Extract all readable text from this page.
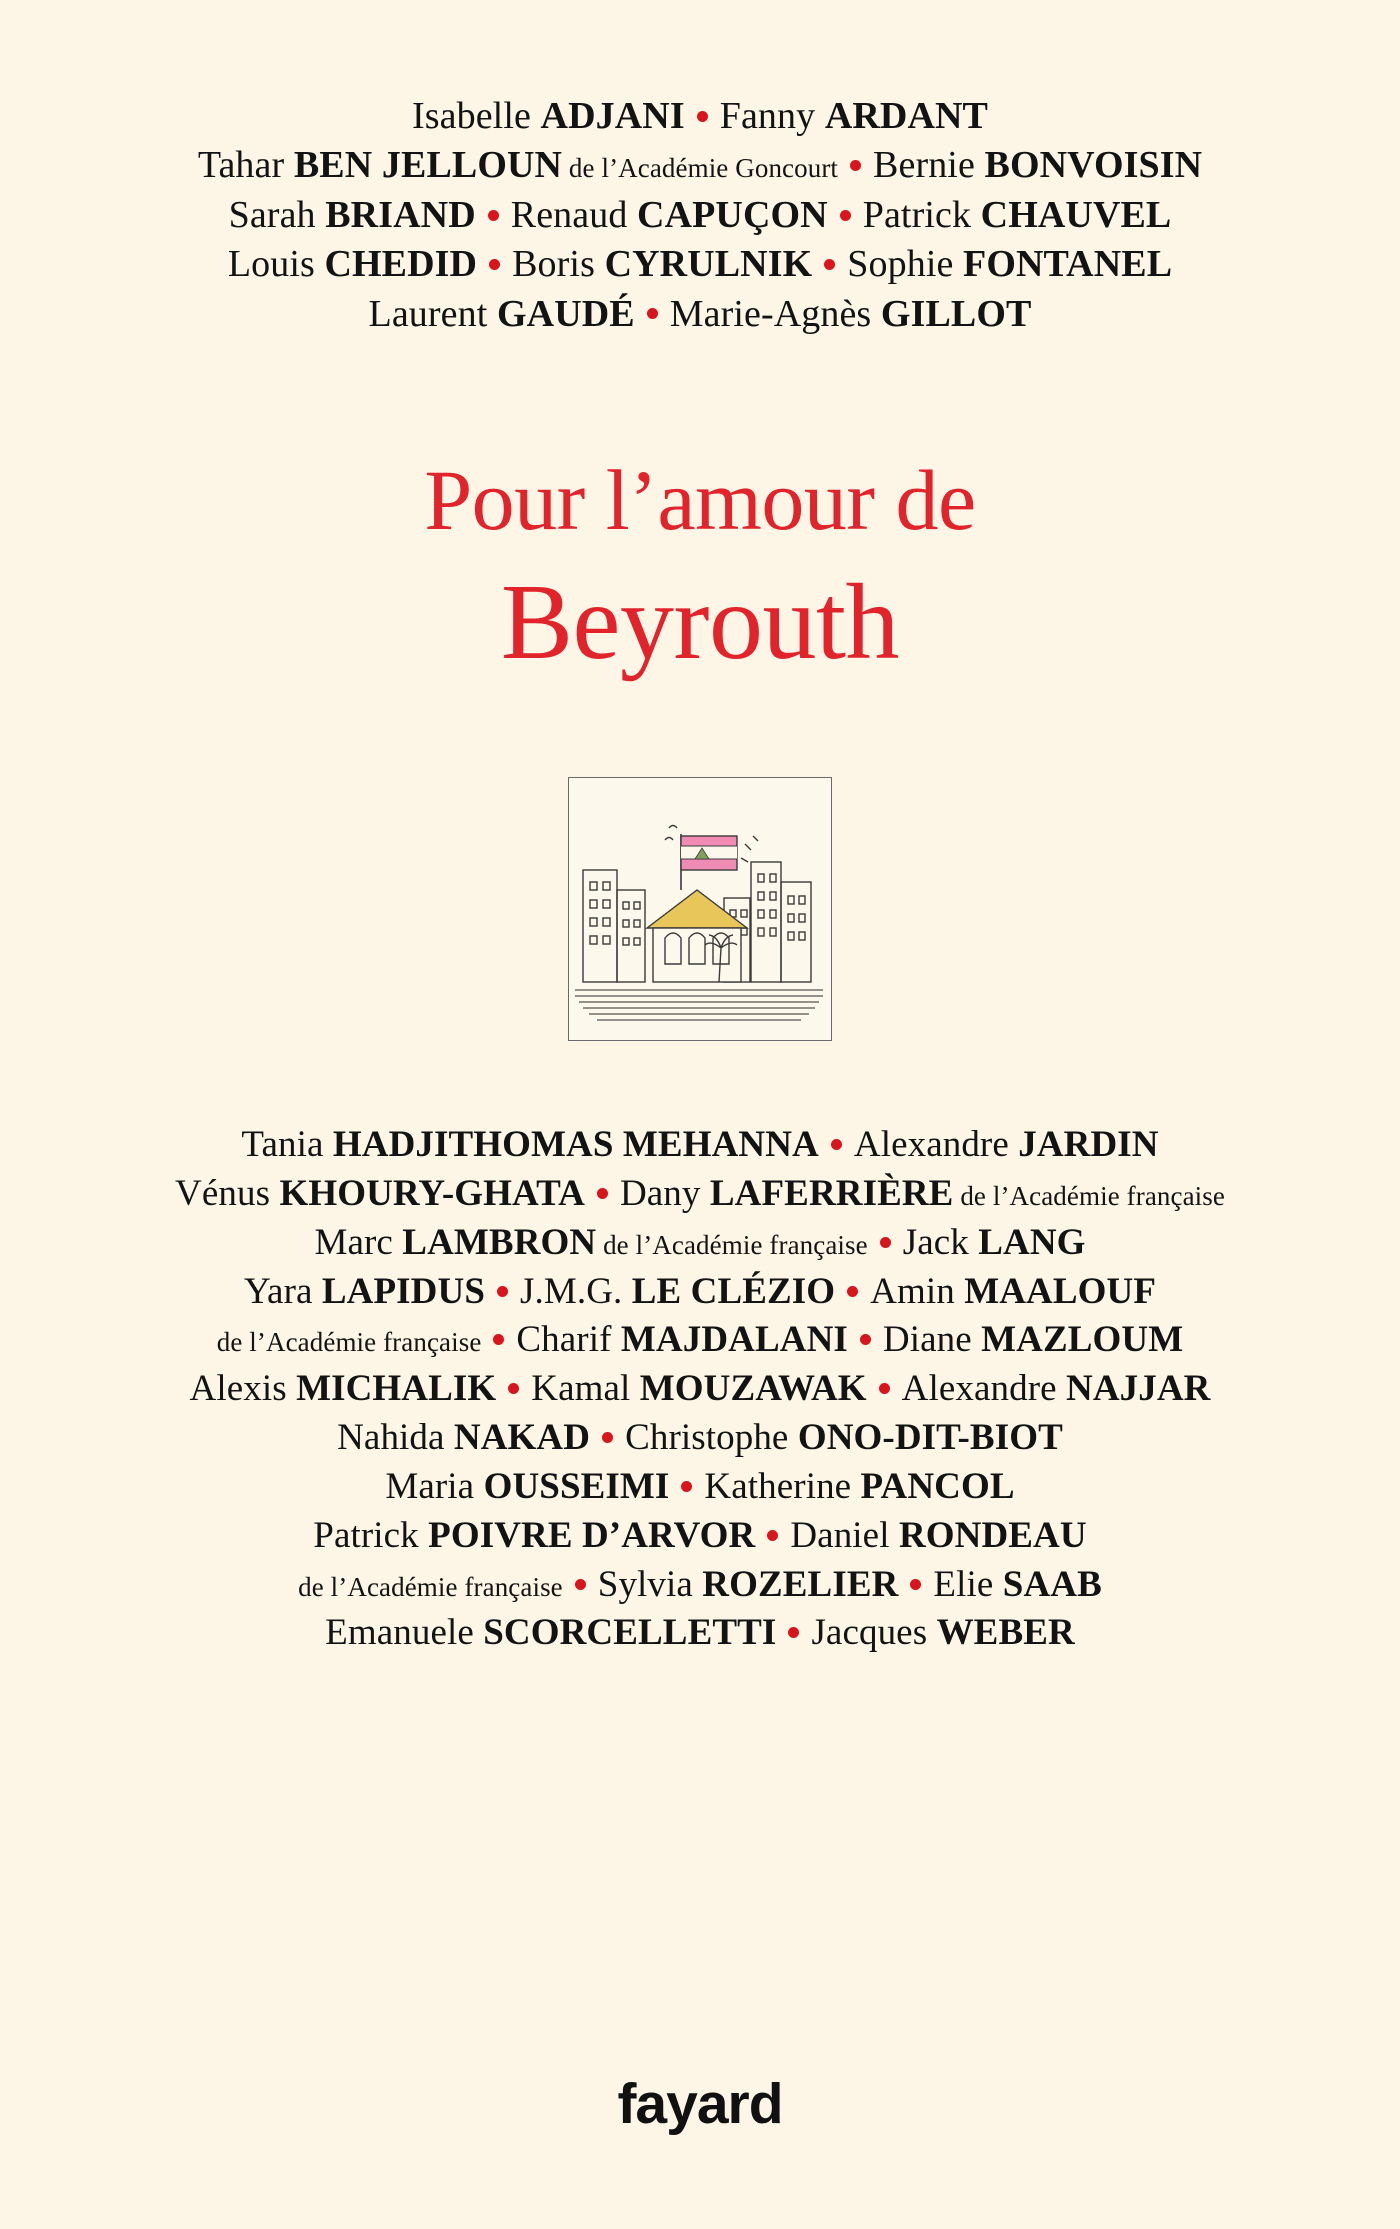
Isabelle ADJANI Fanny ARDANT
Tahar BEN JELLOUN de l’Académie Goncourt Bernie BONVOISIN
Sarah BRIAND Renaud CAPUÇON Patrick CHAUVEL
Louis CHEDID Boris CYRULNIK Sophie FONTANEL
Laurent GAUDÉ Marie-Agnès GILLOT
Pour l’amour de
Beyrouth
Tania HADJITHOMAS MEHANNA Alexandre JARDIN
Vénus KHOURY-GHATA Dany LAFERRIÈRE de l’Académie française
Marc LAMBRON de l’Académie française Jack LANG
Yara LAPIDUS J.M.G. LE CLÉZIO Amin MAALOUF
de l’Académie française Charif MAJDALANI Diane MAZLOUM
Alexis MICHALIK Kamal MOUZAWAK Alexandre NAJJAR
Nahida NAKAD Christophe ONO-DIT-BIOT
Maria OUSSEIMI Katherine PANCOL
Patrick POIVRE D’ARVOR Daniel RONDEAU
de l’Académie française Sylvia ROZELIER Elie SAAB
Emanuele SCORCELLETTI Jacques WEBER
fayard
